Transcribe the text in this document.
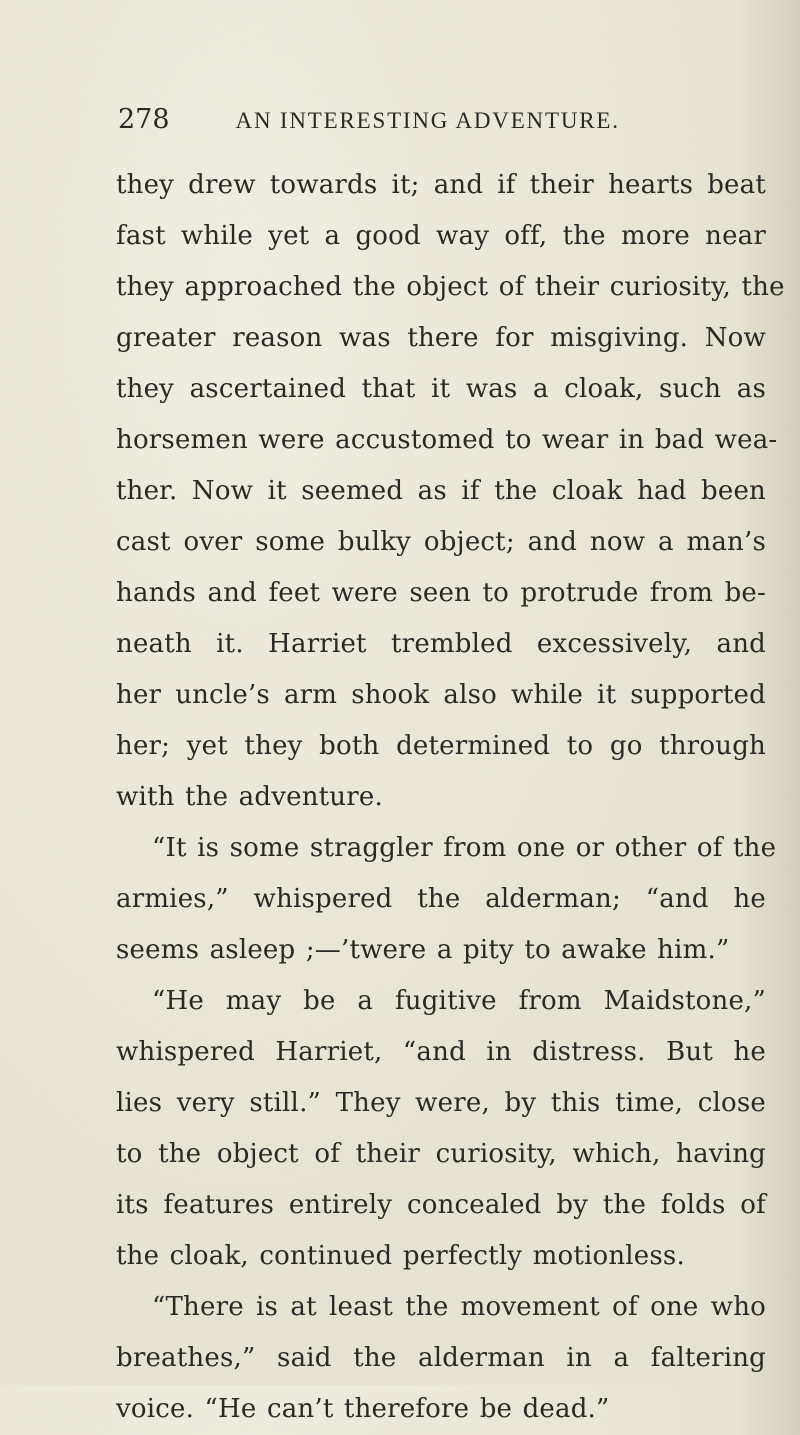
278	AN INTERESTING ADVENTURE.
they drew towards it; and if their hearts beat
fast while yet a good way off, the more near
they approached the object of their curiosity, the
greater reason was there for misgiving. Now
they ascertained that it was a cloak, such as
horsemen were accustomed to wear in bad wea-
ther. Now it seemed as if the cloak had been
cast over some bulky object; and now a man’s
hands and feet were seen to protrude from be-
neath it. Harriet trembled excessively, and
her uncle’s arm shook also while it supported
her; yet they both determined to go through
with the adventure.
“It is some straggler from one or other of the
armies,” whispered the alderman; “and he
seems asleep ;—’twere a pity to awake him.”
“He may be a fugitive from Maidstone,”
whispered Harriet, “and in distress. But he
lies very still.” They were, by this time, close
to the object of their curiosity, which, having
its features entirely concealed by the folds of
the cloak, continued perfectly motionless.
“There is at least the movement of one who
breathes,” said the alderman in a faltering
voice. “He can’t therefore be dead.”
